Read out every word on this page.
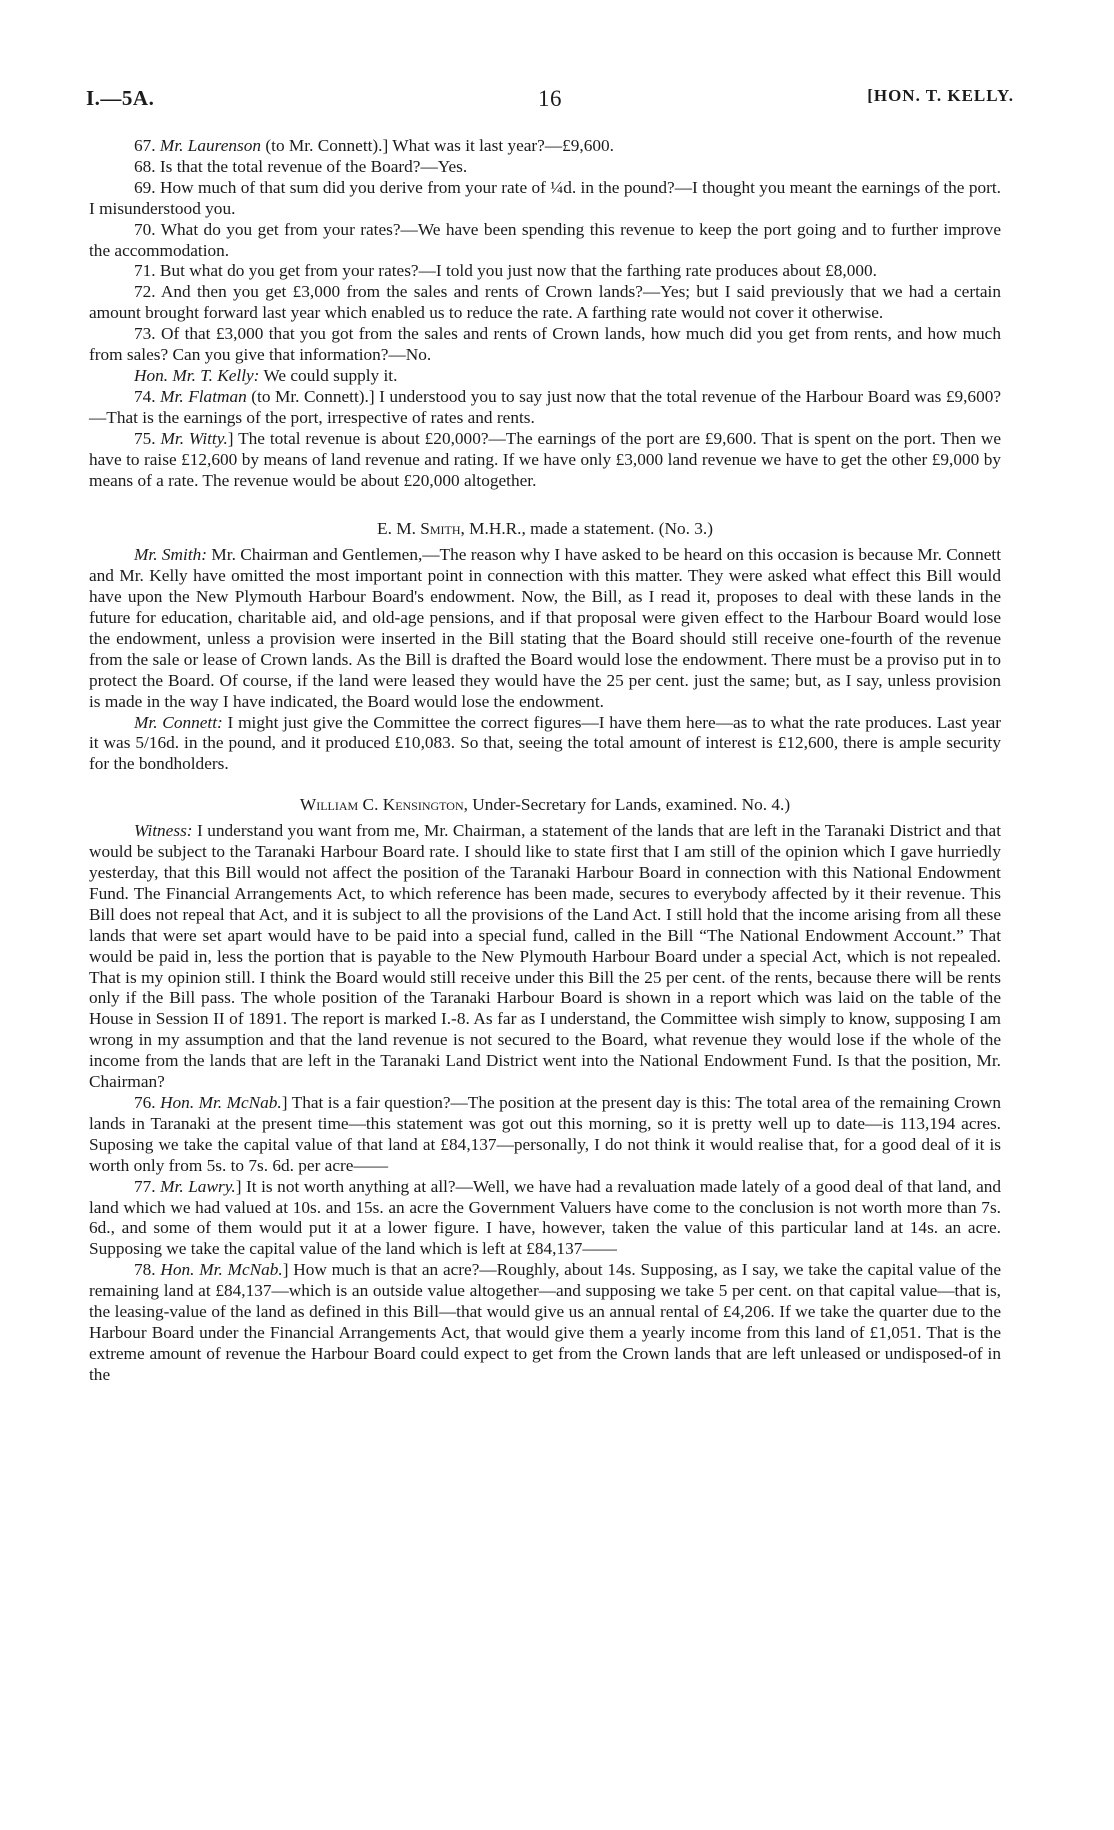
I.—5A.	16	[HON. T. KELLY.

67. Mr. Laurenson (to Mr. Connett).] What was it last year?—£9,600.

68. Is that the total revenue of the Board?—Yes.

69. How much of that sum did you derive from your rate of ¼d. in the pound?—I thought you meant the earnings of the port. I misunderstood you.

70. What do you get from your rates?—We have been spending this revenue to keep the port going and to further improve the accommodation.

71. But what do you get from your rates?—I told you just now that the farthing rate produces about £8,000.

72. And then you get £3,000 from the sales and rents of Crown lands?—Yes; but I said previously that we had a certain amount brought forward last year which enabled us to reduce the rate. A farthing rate would not cover it otherwise.

73. Of that £3,000 that you got from the sales and rents of Crown lands, how much did you get from rents, and how much from sales? Can you give that information?—No.

Hon. Mr. T. Kelly: We could supply it.

74. Mr. Flatman (to Mr. Connett).] I understood you to say just now that the total revenue of the Harbour Board was £9,600?—That is the earnings of the port, irrespective of rates and rents.

75. Mr. Witty.] The total revenue is about £20,000?—The earnings of the port are £9,600. That is spent on the port. Then we have to raise £12,600 by means of land revenue and rating. If we have only £3,000 land revenue we have to get the other £9,000 by means of a rate. The revenue would be about £20,000 altogether.

E. M. Smith, M.H.R., made a statement. (No. 3.)

Mr. Smith: Mr. Chairman and Gentlemen,—The reason why I have asked to be heard on this occasion is because Mr. Connett and Mr. Kelly have omitted the most important point in connection with this matter. They were asked what effect this Bill would have upon the New Plymouth Harbour Board's endowment. Now, the Bill, as I read it, proposes to deal with these lands in the future for education, charitable aid, and old-age pensions, and if that proposal were given effect to the Harbour Board would lose the endowment, unless a provision were inserted in the Bill stating that the Board should still receive one-fourth of the revenue from the sale or lease of Crown lands. As the Bill is drafted the Board would lose the endowment. There must be a proviso put in to protect the Board. Of course, if the land were leased they would have the 25 per cent. just the same; but, as I say, unless provision is made in the way I have indicated, the Board would lose the endowment.

Mr. Connett: I might just give the Committee the correct figures—I have them here—as to what the rate produces. Last year it was 5/16d. in the pound, and it produced £10,083. So that, seeing the total amount of interest is £12,600, there is ample security for the bondholders.

William C. Kensington, Under-Secretary for Lands, examined. No. 4.)

Witness: I understand you want from me, Mr. Chairman, a statement of the lands that are left in the Taranaki District and that would be subject to the Taranaki Harbour Board rate. I should like to state first that I am still of the opinion which I gave hurriedly yesterday, that this Bill would not affect the position of the Taranaki Harbour Board in connection with this National Endowment Fund. The Financial Arrangements Act, to which reference has been made, secures to everybody affected by it their revenue. This Bill does not repeal that Act, and it is subject to all the provisions of the Land Act. I still hold that the income arising from all these lands that were set apart would have to be paid into a special fund, called in the Bill “The National Endowment Account.” That would be paid in, less the portion that is payable to the New Plymouth Harbour Board under a special Act, which is not repealed. That is my opinion still. I think the Board would still receive under this Bill the 25 per cent. of the rents, because there will be rents only if the Bill pass. The whole position of the Taranaki Harbour Board is shown in a report which was laid on the table of the House in Session II of 1891. The report is marked I.-8. As far as I understand, the Committee wish simply to know, supposing I am wrong in my assumption and that the land revenue is not secured to the Board, what revenue they would lose if the whole of the income from the lands that are left in the Taranaki Land District went into the National Endowment Fund. Is that the position, Mr. Chairman?

76. Hon. Mr. McNab.] That is a fair question?—The position at the present day is this: The total area of the remaining Crown lands in Taranaki at the present time—this statement was got out this morning, so it is pretty well up to date—is 113,194 acres. Suposing we take the capital value of that land at £84,137—personally, I do not think it would realise that, for a good deal of it is worth only from 5s. to 7s. 6d. per acre——

77. Mr. Lawry.] It is not worth anything at all?—Well, we have had a revaluation made lately of a good deal of that land, and land which we had valued at 10s. and 15s. an acre the Government Valuers have come to the conclusion is not worth more than 7s. 6d., and some of them would put it at a lower figure. I have, however, taken the value of this particular land at 14s. an acre. Supposing we take the capital value of the land which is left at £84,137——

78. Hon. Mr. McNab.] How much is that an acre?—Roughly, about 14s. Supposing, as I say, we take the capital value of the remaining land at £84,137—which is an outside value altogether—and supposing we take 5 per cent. on that capital value—that is, the leasing-value of the land as defined in this Bill—that would give us an annual rental of £4,206. If we take the quarter due to the Harbour Board under the Financial Arrangements Act, that would give them a yearly income from this land of £1,051. That is the extreme amount of revenue the Harbour Board could expect to get from the Crown lands that are left unleased or undisposed-of in the
